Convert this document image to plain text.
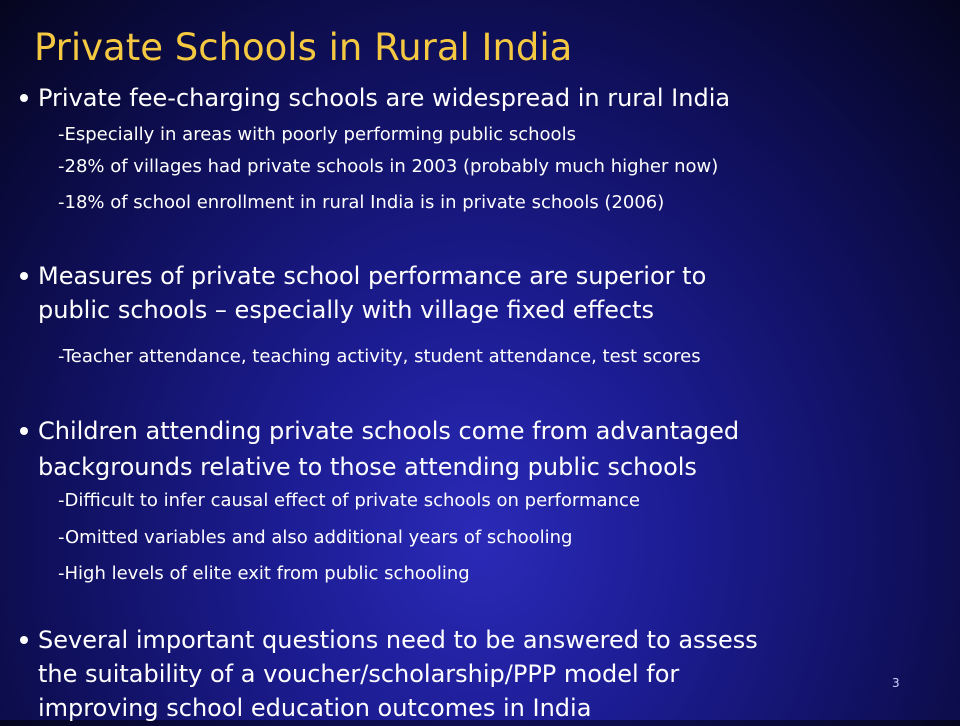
Private Schools in Rural India
Private fee-charging schools are widespread in rural India
-Especially in areas with poorly performing public schools
-28% of villages had private schools in 2003 (probably much higher now)
-18% of school enrollment in rural India is in private schools (2006)
Measures of private school performance are superior to
public schools – especially with village fixed effects
-Teacher attendance, teaching activity, student attendance, test scores
Children attending private schools come from advantaged
backgrounds relative to those attending public schools
-Difficult to infer causal effect of private schools on performance
-Omitted variables and also additional years of schooling
-High levels of elite exit from public schooling
Several important questions need to be answered to assess
the suitability of a voucher/scholarship/PPP model for
improving school education outcomes in India
3
